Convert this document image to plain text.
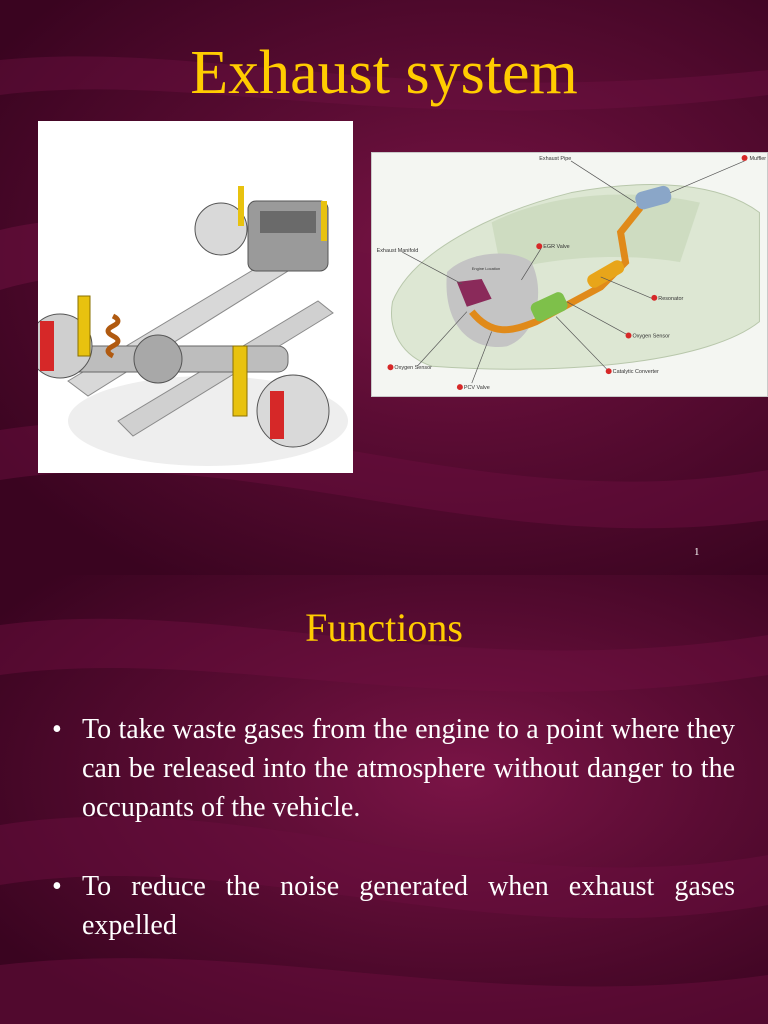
Exhaust system
Exhaust Pipe	Muffler
Exhaust Manifold
EGR Valve
Resonator
Oxygen Sensor
Catalytic Converter
Oxygen Sensor
PCV Valve
Engine Location
1
Functions
• To take waste gases from the engine to a point where they can be released into the atmosphere without danger to the occupants of the vehicle.
• To reduce the noise generated when exhaust gases expelled
